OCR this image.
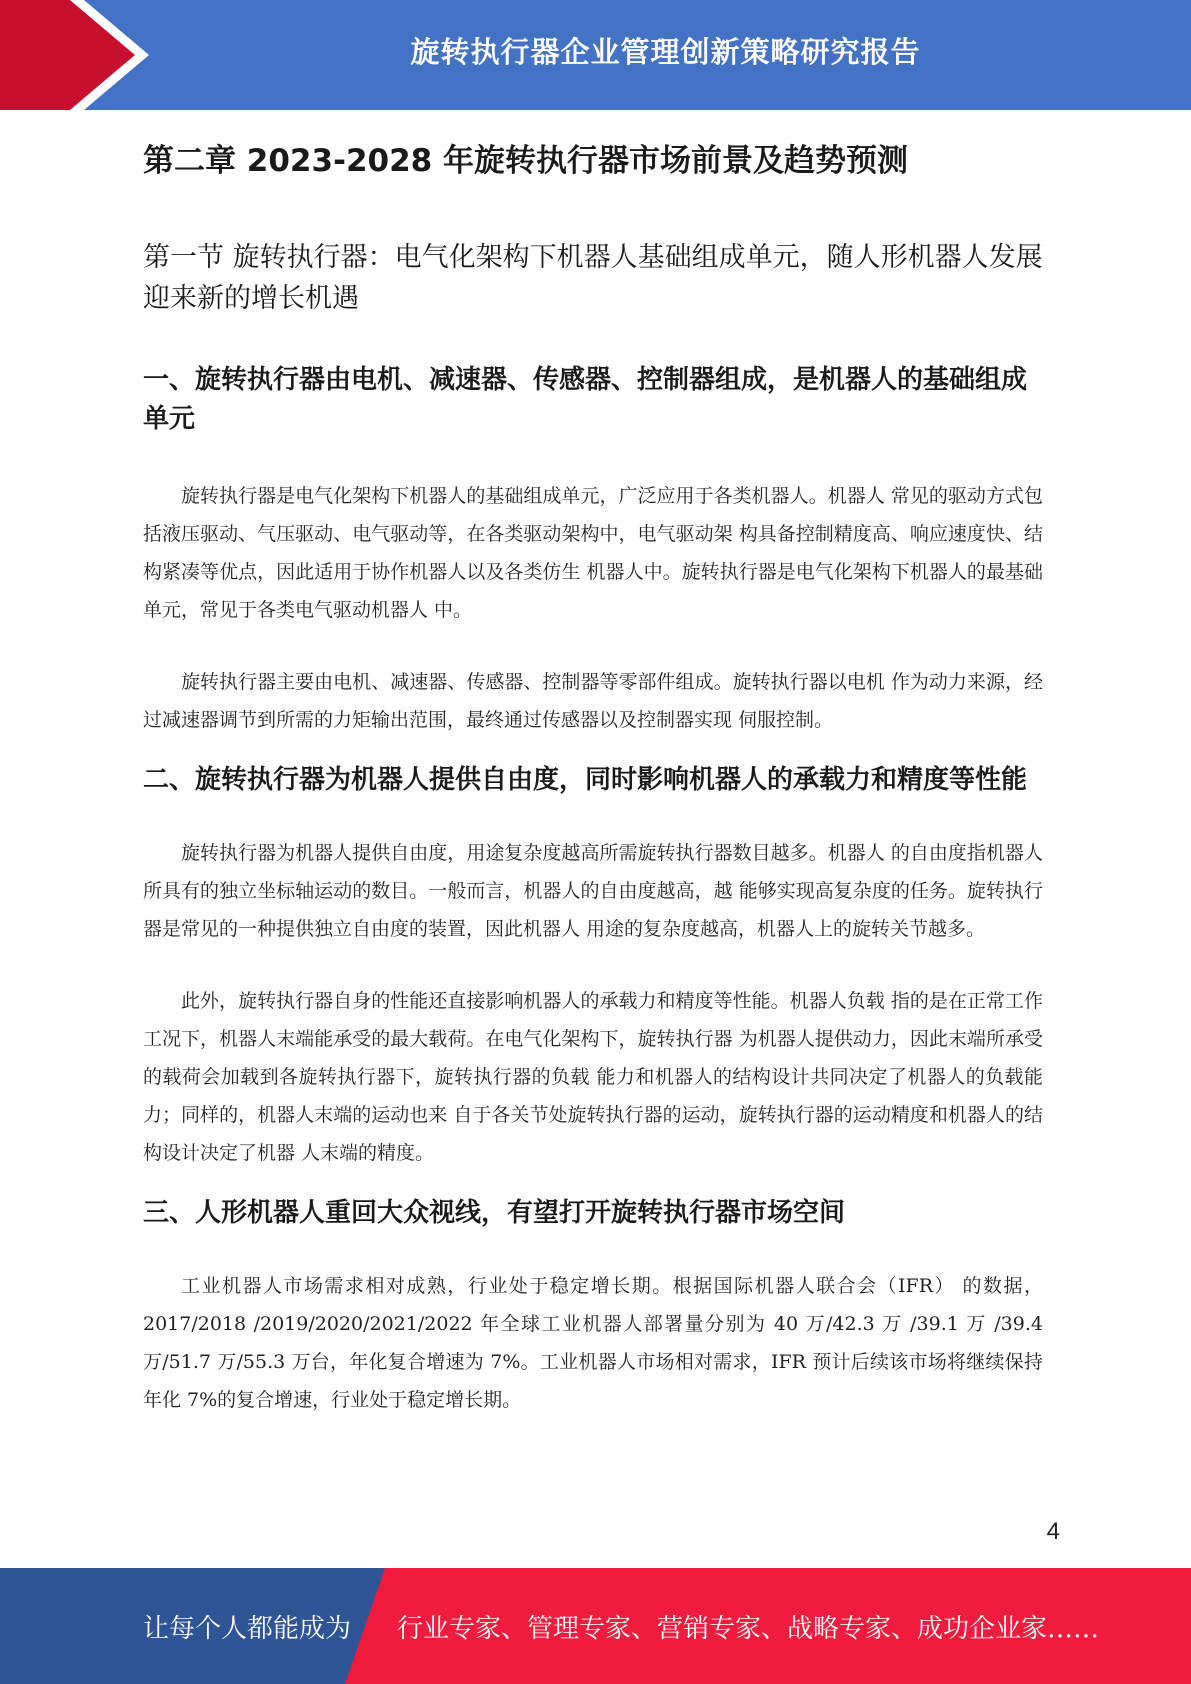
旋转执行器企业管理创新策略研究报告
第二章 2023-2028 年旋转执行器市场前景及趋势预测
第一节 旋转执行器：电气化架构下机器人基础组成单元，随人形机器人发展迎来新的增长机遇
一、旋转执行器由电机、减速器、传感器、控制器组成，是机器人的基础组成 单元

旋转执行器是电气化架构下机器人的基础组成单元，广泛应用于各类机器人。机器人 常见的驱动方式包括液压驱动、气压驱动、电气驱动等，在各类驱动架构中，电气驱动架 构具备控制精度高、响应速度快、结构紧凑等优点，因此适用于协作机器人以及各类仿生 机器人中。旋转执行器是电气化架构下机器人的最基础单元，常见于各类电气驱动机器人 中。

旋转执行器主要由电机、减速器、传感器、控制器等零部件组成。旋转执行器以电机 作为动力来源，经过减速器调节到所需的力矩输出范围，最终通过传感器以及控制器实现 伺服控制。

二、旋转执行器为机器人提供自由度，同时影响机器人的承载力和精度等性能

旋转执行器为机器人提供自由度，用途复杂度越高所需旋转执行器数目越多。机器人 的自由度指机器人所具有的独立坐标轴运动的数目。一般而言，机器人的自由度越高，越 能够实现高复杂度的任务。旋转执行器是常见的一种提供独立自由度的装置，因此机器人 用途的复杂度越高，机器人上的旋转关节越多。

此外，旋转执行器自身的性能还直接影响机器人的承载力和精度等性能。机器人负载 指的是在正常工作工况下，机器人末端能承受的最大载荷。在电气化架构下，旋转执行器 为机器人提供动力，因此末端所承受的载荷会加载到各旋转执行器下，旋转执行器的负载 能力和机器人的结构设计共同决定了机器人的负载能力；同样的，机器人末端的运动也来 自于各关节处旋转执行器的运动，旋转执行器的运动精度和机器人的结构设计决定了机器 人末端的精度。

三、人形机器人重回大众视线，有望打开旋转执行器市场空间

工业机器人市场需求相对成熟，行业处于稳定增长期。根据国际机器人联合会（IFR） 的数据，2017/2018 /2019/2020/2021/2022 年全球工业机器人部署量分别为 40 万/42.3 万 /39.1 万 /39.4 万/51.7 万/55.3 万台，年化复合增速为 7%。工业机器人市场相对需求，IFR 预计后续该市场将继续保持年化 7%的复合增速，行业处于稳定增长期。

4
让每个人都能成为 行业专家、管理专家、营销专家、战略专家、成功企业家……
